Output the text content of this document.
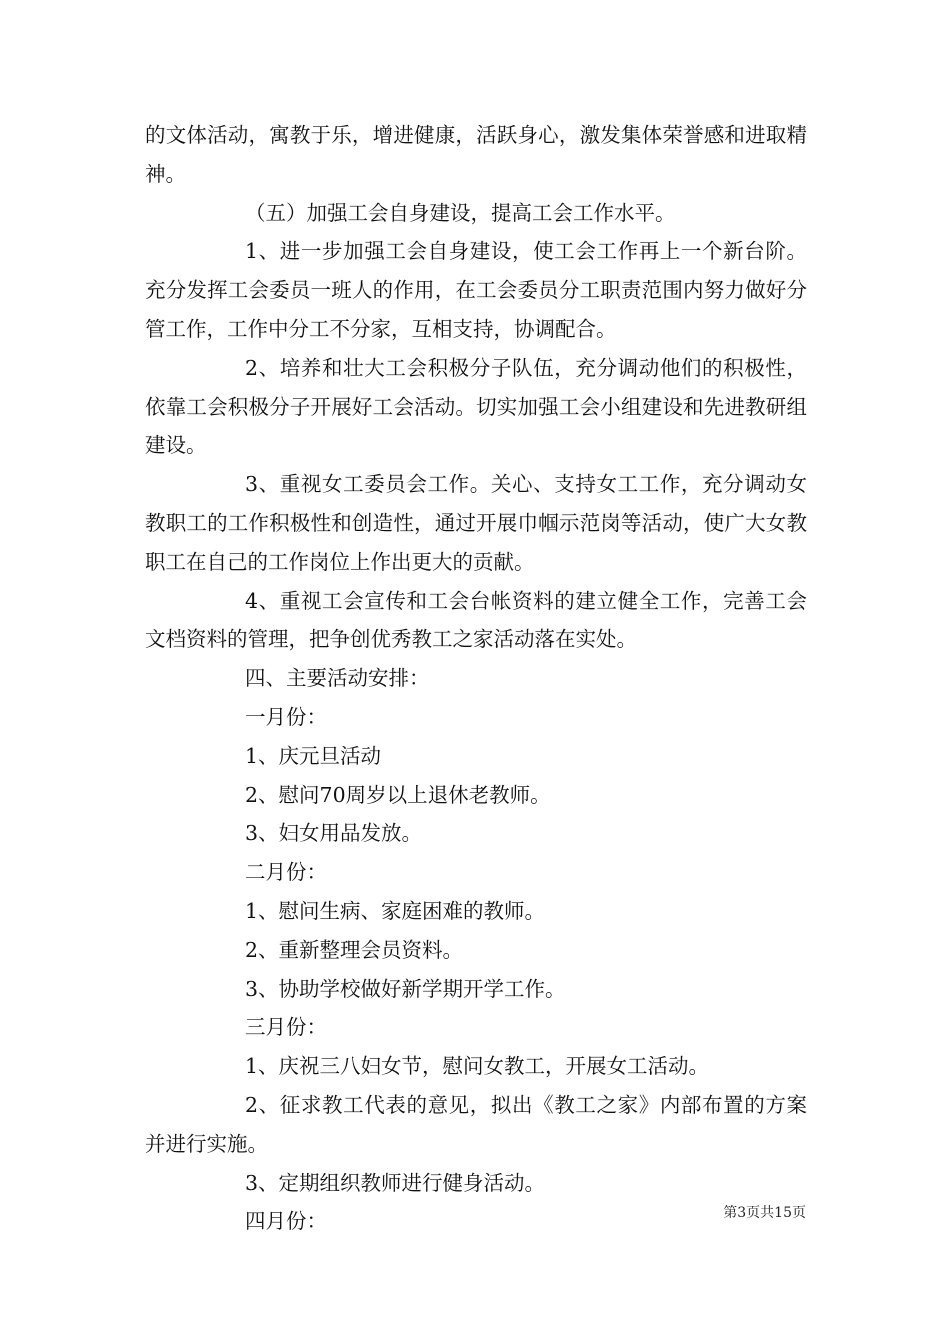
的文体活动，寓教于乐，增进健康，活跃身心，激发集体荣誉感和进取精神。

（五）加强工会自身建设，提高工会工作水平。

1、进一步加强工会自身建设，使工会工作再上一个新台阶。充分发挥工会委员一班人的作用，在工会委员分工职责范围内努力做好分管工作，工作中分工不分家，互相支持，协调配合。

2、培养和壮大工会积极分子队伍，充分调动他们的积极性，依靠工会积极分子开展好工会活动。切实加强工会小组建设和先进教研组建设。

3、重视女工委员会工作。关心、支持女工工作，充分调动女教职工的工作积极性和创造性，通过开展巾帼示范岗等活动，使广大女教职工在自己的工作岗位上作出更大的贡献。

4、重视工会宣传和工会台帐资料的建立健全工作，完善工会文档资料的管理，把争创优秀教工之家活动落在实处。

四、主要活动安排：

一月份：

1、庆元旦活动

2、慰问70周岁以上退休老教师。

3、妇女用品发放。

二月份：

1、慰问生病、家庭困难的教师。

2、重新整理会员资料。

3、协助学校做好新学期开学工作。

三月份：

1、庆祝三八妇女节，慰问女教工，开展女工活动。

2、征求教工代表的意见，拟出《教工之家》内部布置的方案并进行实施。

3、定期组织教师进行健身活动。

四月份：	第3页共15页
